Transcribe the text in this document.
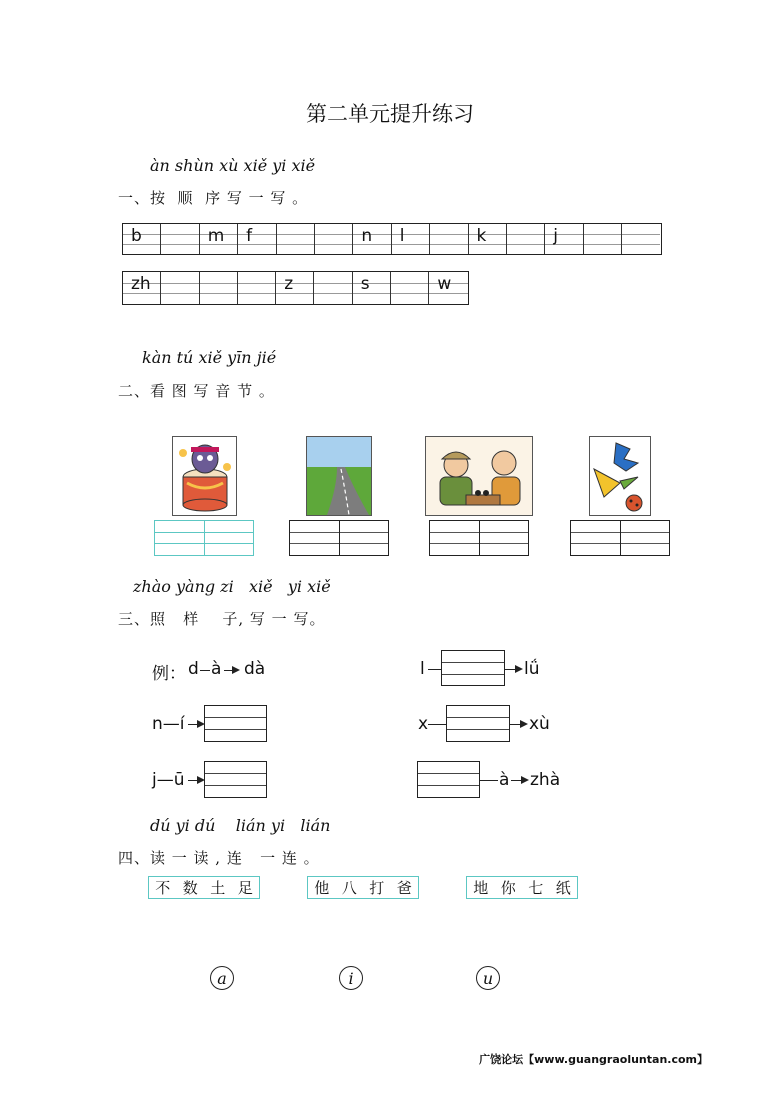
第二单元提升练习
àn shùn xù xiě yi xiě
一、按  顺  序 写 一 写 。
b	m f	n l	k	j
zh	z	s	w
kàn tú xiě yīn jié
二、看 图 写 音 节 。
zhào yàng zi   xiě   yi xiě
三、照   样    子, 写 一 写。
例： d à dà	l	lǘ
n—í	x	xù
j—ū	à zhà
dú yi dú    lián yi   lián
四、读 一 读 , 连   一 连 。
不 数 土 足	他 八 打 爸	地 你 七 纸
a	i	u
广饶论坛【www.guangraoluntan.com】
